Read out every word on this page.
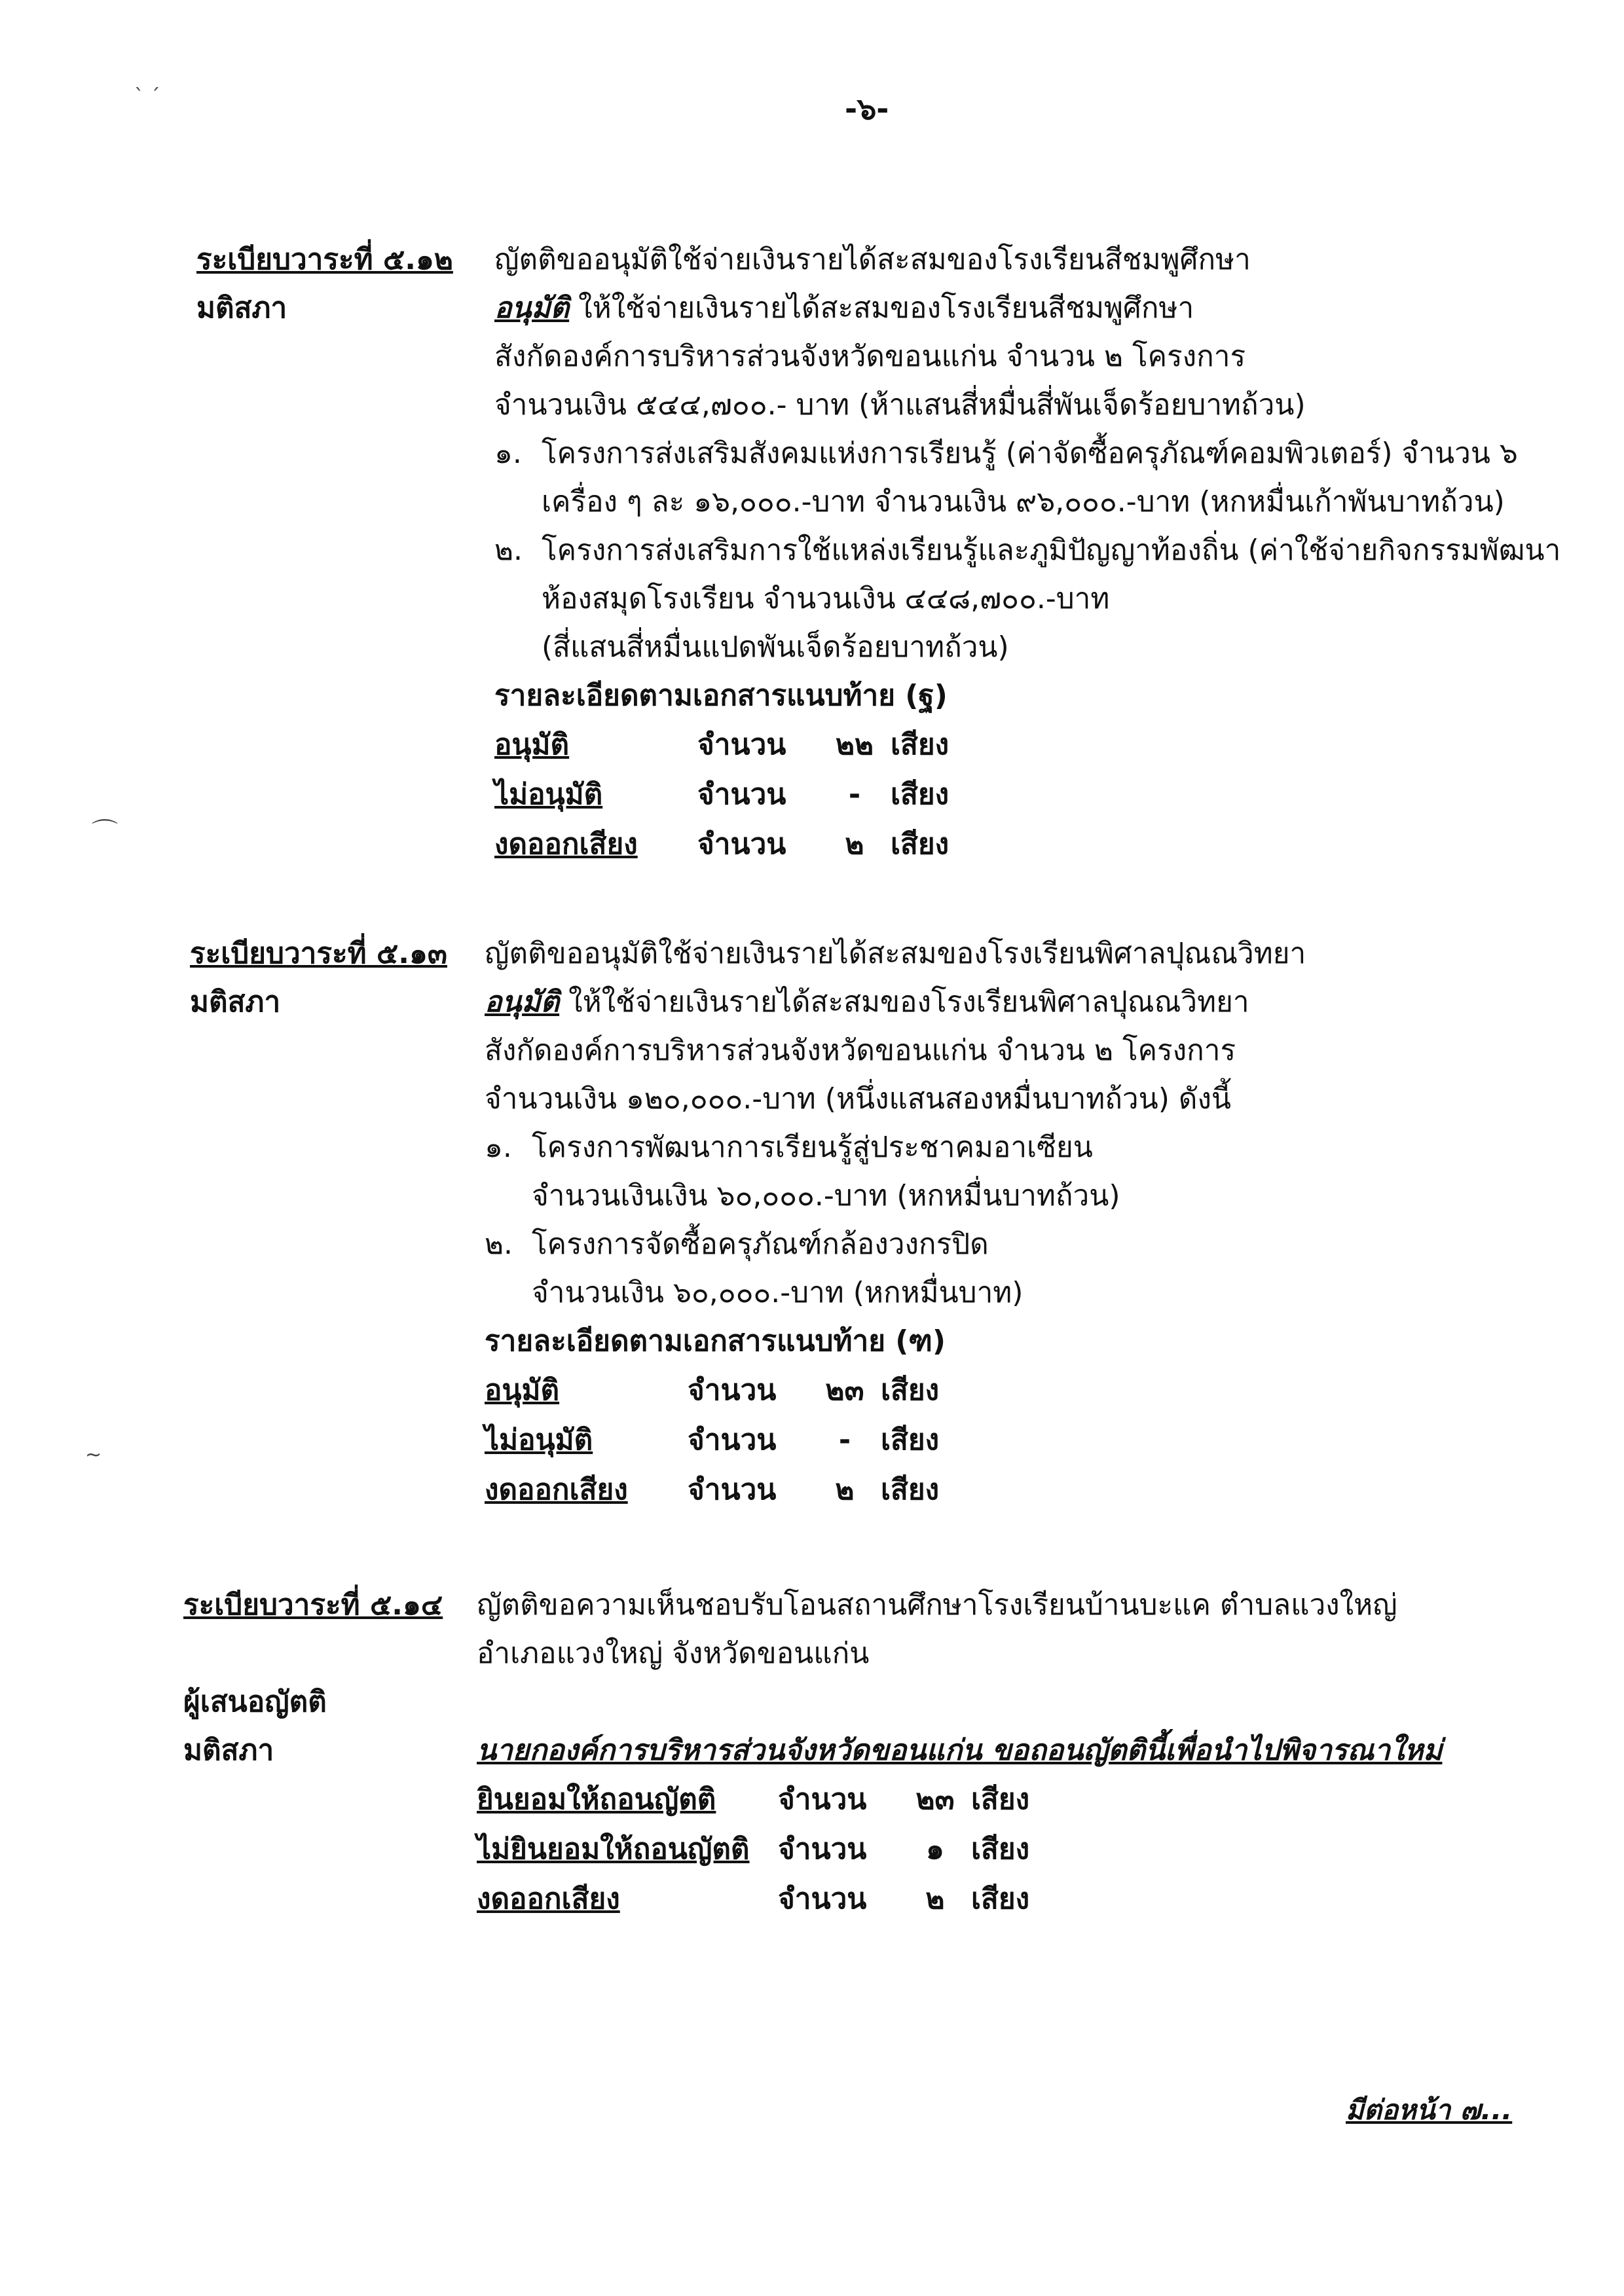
-๖-
ระเบียบวาระที่ ๕.๑๒
มติสภา
ญัตติขออนุมัติใช้จ่ายเงินรายได้สะสมของโรงเรียนสีชมพูศึกษา
อนุมัติ ให้ใช้จ่ายเงินรายได้สะสมของโรงเรียนสีชมพูศึกษา
สังกัดองค์การบริหารส่วนจังหวัดขอนแก่น จำนวน ๒ โครงการ
จำนวนเงิน ๕๔๔,๗๐๐.- บาท (ห้าแสนสี่หมื่นสี่พันเจ็ดร้อยบาทถ้วน)
๑. โครงการส่งเสริมสังคมแห่งการเรียนรู้ (ค่าจัดซื้อครุภัณฑ์คอมพิวเตอร์) จำนวน ๖
เครื่อง ๆ ละ ๑๖,๐๐๐.-บาท จำนวนเงิน ๙๖,๐๐๐.-บาท (หกหมื่นเก้าพันบาทถ้วน)
๒. โครงการส่งเสริมการใช้แหล่งเรียนรู้และภูมิปัญญาท้องถิ่น (ค่าใช้จ่ายกิจกรรมพัฒนา
ห้องสมุดโรงเรียน จำนวนเงิน ๔๔๘,๗๐๐.-บาท
(สี่แสนสี่หมื่นแปดพันเจ็ดร้อยบาทถ้วน)
รายละเอียดตามเอกสารแนบท้าย (ฐ)
อนุมัติ	จำนวน	๒๒ เสียง
ไม่อนุมัติ	จำนวน	-	เสียง
งดออกเสียง	จำนวน	๒ เสียง
ระเบียบวาระที่ ๕.๑๓
มติสภา
ญัตติขออนุมัติใช้จ่ายเงินรายได้สะสมของโรงเรียนพิศาลปุณณวิทยา
อนุมัติ ให้ใช้จ่ายเงินรายได้สะสมของโรงเรียนพิศาลปุณณวิทยา
สังกัดองค์การบริหารส่วนจังหวัดขอนแก่น จำนวน ๒ โครงการ
จำนวนเงิน ๑๒๐,๐๐๐.-บาท (หนึ่งแสนสองหมื่นบาทถ้วน) ดังนี้
๑. โครงการพัฒนาการเรียนรู้สู่ประชาคมอาเซียน
จำนวนเงินเงิน ๖๐,๐๐๐.-บาท (หกหมื่นบาทถ้วน)
๒. โครงการจัดซื้อครุภัณฑ์กล้องวงกรปิด
จำนวนเงิน ๖๐,๐๐๐.-บาท (หกหมื่นบาท)
รายละเอียดตามเอกสารแนบท้าย (ฑ)
อนุมัติ	จำนวน	๒๓ เสียง
ไม่อนุมัติ	จำนวน	-	เสียง
งดออกเสียง	จำนวน	๒ เสียง
ระเบียบวาระที่ ๕.๑๔
ผู้เสนอญัตติ
มติสภา
ญัตติขอความเห็นชอบรับโอนสถานศึกษาโรงเรียนบ้านบะแค ตำบลแวงใหญ่
อำเภอแวงใหญ่ จังหวัดขอนแก่น
นายกองค์การบริหารส่วนจังหวัดขอนแก่น ขอถอนญัตตินี้เพื่อนำไปพิจารณาใหม่
ยินยอมให้ถอนญัตติ	จำนวน	๒๓ เสียง
ไม่ยินยอมให้ถอนญัตติ จำนวน	๑ เสียง
งดออกเสียง	จำนวน	๒ เสียง
มีต่อหน้า ๗...
ˋ ˊ
⌒
~
